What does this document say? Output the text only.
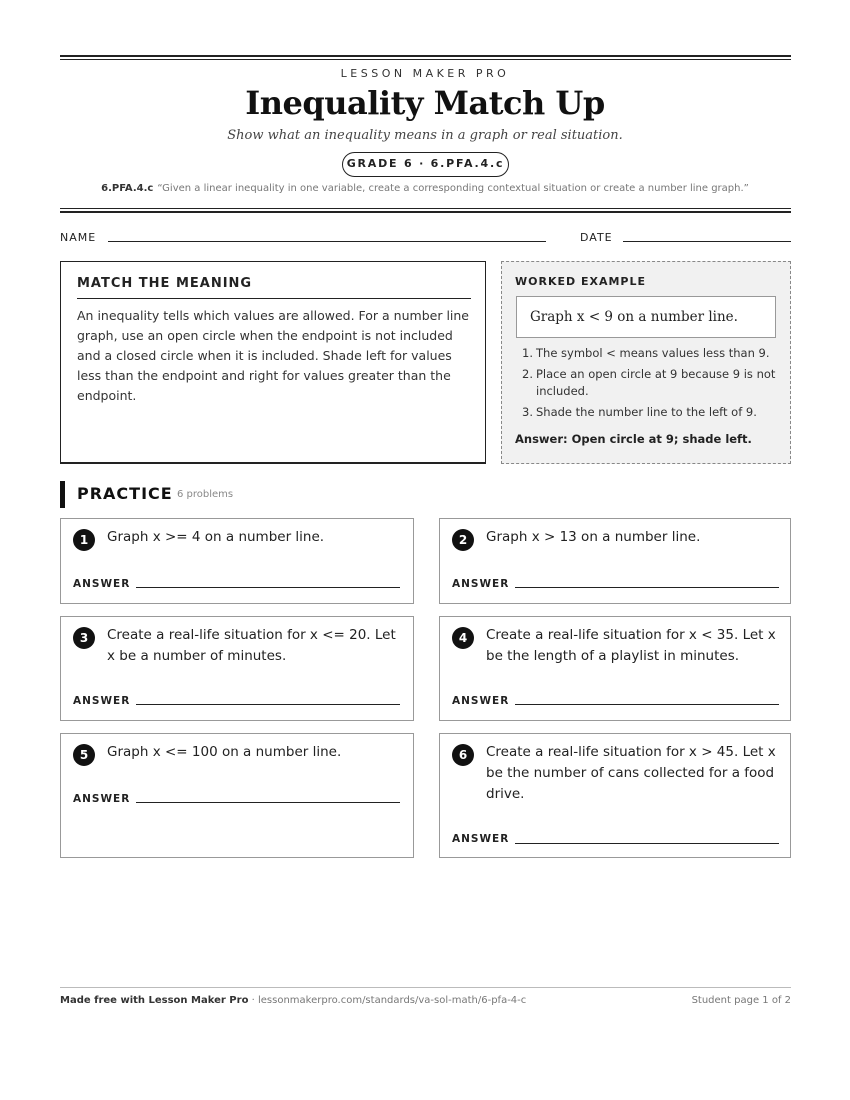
LESSON MAKER PRO
Inequality Match Up
Show what an inequality means in a graph or real situation.
GRADE 6 · 6.PFA.4.c
6.PFA.4.c “Given a linear inequality in one variable, create a corresponding contextual situation or create a number line graph.”
NAME	DATE
MATCH THE MEANING

An inequality tells which values are allowed. For a number line graph, use an open circle when the endpoint is not included and a closed circle when it is included. Shade left for values less than the endpoint and right for values greater than the endpoint.

WORKED EXAMPLE
Graph x < 9 on a number line.
1. The symbol < means values less than 9.
2. Place an open circle at 9 because 9 is not included.
3. Shade the number line to the left of 9.
Answer: Open circle at 9; shade left.
PRACTICE 6 problems
1	Graph x >= 4 on a number line.
ANSWER
2	Graph x > 13 on a number line.
ANSWER
3	Create a real-life situation for x <= 20. Let x be a number of minutes.
ANSWER
4	Create a real-life situation for x < 35. Let x be the length of a playlist in minutes.
ANSWER
5	Graph x <= 100 on a number line.
ANSWER
6	Create a real-life situation for x > 45. Let x be the number of cans collected for a food drive.
ANSWER
Made free with Lesson Maker Pro · lessonmakerpro.com/standards/va-sol-math/6-pfa-4-c	Student page 1 of 2
